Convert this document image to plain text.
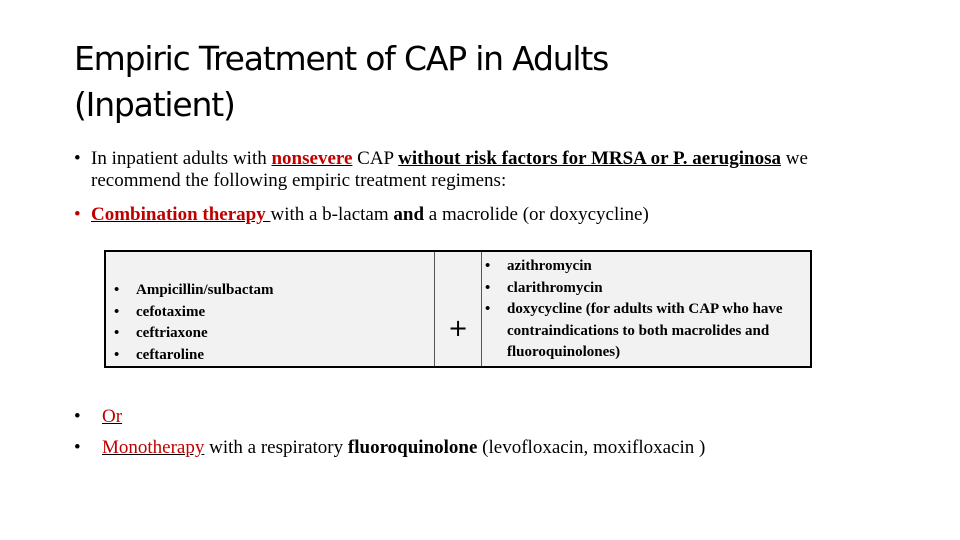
Empiric Treatment of CAP in Adults
(Inpatient)
• In inpatient adults with nonsevere CAP without risk factors for MRSA or P. aeruginosa we recommend the following empiric treatment regimens:
• Combination therapy with a b-lactam and a macrolide (or doxycycline)
• Ampicillin/sulbactam
• cefotaxime
• ceftriaxone
• ceftaroline
+
• azithromycin
• clarithromycin
• doxycycline (for adults with CAP who have contraindications to both macrolides and fluoroquinolones)
• Or
• Monotherapy with a respiratory fluoroquinolone (levofloxacin, moxifloxacin )
